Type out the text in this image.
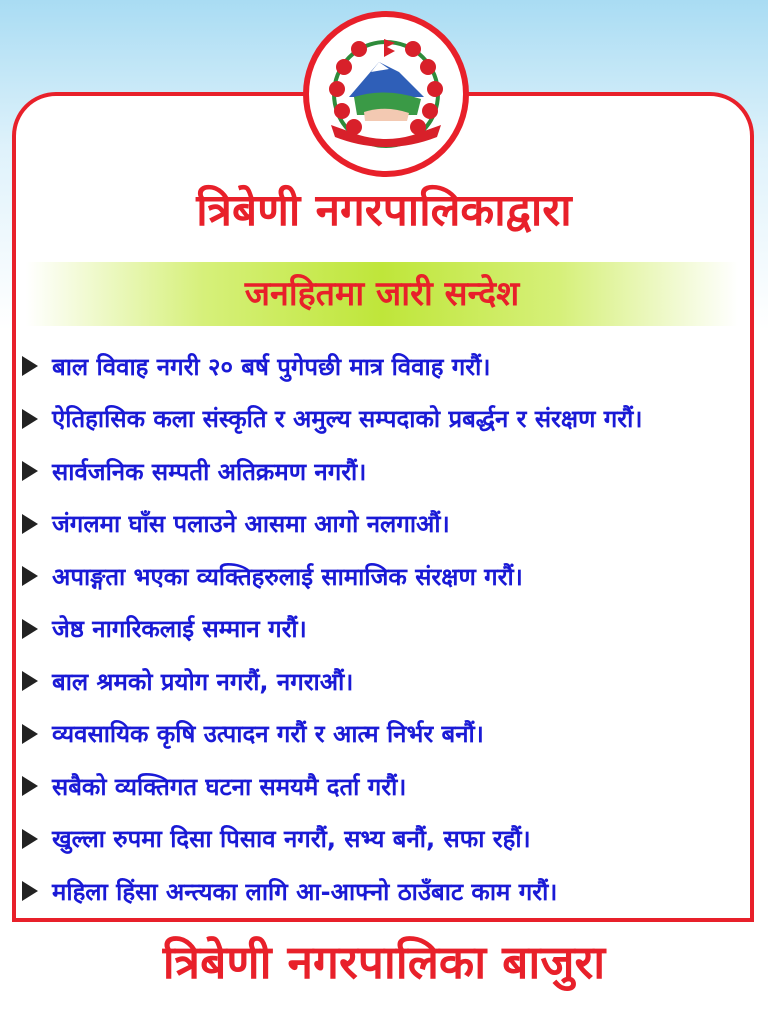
त्रिबेणी नगरपालिकाद्वारा
जनहितमा जारी सन्देश
बाल विवाह नगरी २० बर्ष पुगेपछी मात्र विवाह गरौं।
ऐतिहासिक कला संस्कृति र अमुल्य सम्पदाको प्रबर्द्धन र संरक्षण गरौं।
सार्वजनिक सम्पती अतिक्रमण नगरौं।
जंगलमा घाँस पलाउने आसमा आगो नलगाऔं।
अपाङ्गता भएका व्यक्तिहरुलाई सामाजिक संरक्षण गरौं।
जेष्ठ नागरिकलाई सम्मान गरौं।
बाल श्रमको प्रयोग नगरौं, नगराऔं।
व्यवसायिक कृषि उत्पादन गरौं र आत्म निर्भर बनौं।
सबैको व्यक्तिगत घटना समयमै दर्ता गरौं।
खुल्ला रुपमा दिसा पिसाव नगरौं, सभ्य बनौं, सफा रहौं।
महिला हिंसा अन्त्यका लागि आ-आफ्नो ठाउँबाट काम गरौं।
त्रिबेणी नगरपालिका बाजुरा
